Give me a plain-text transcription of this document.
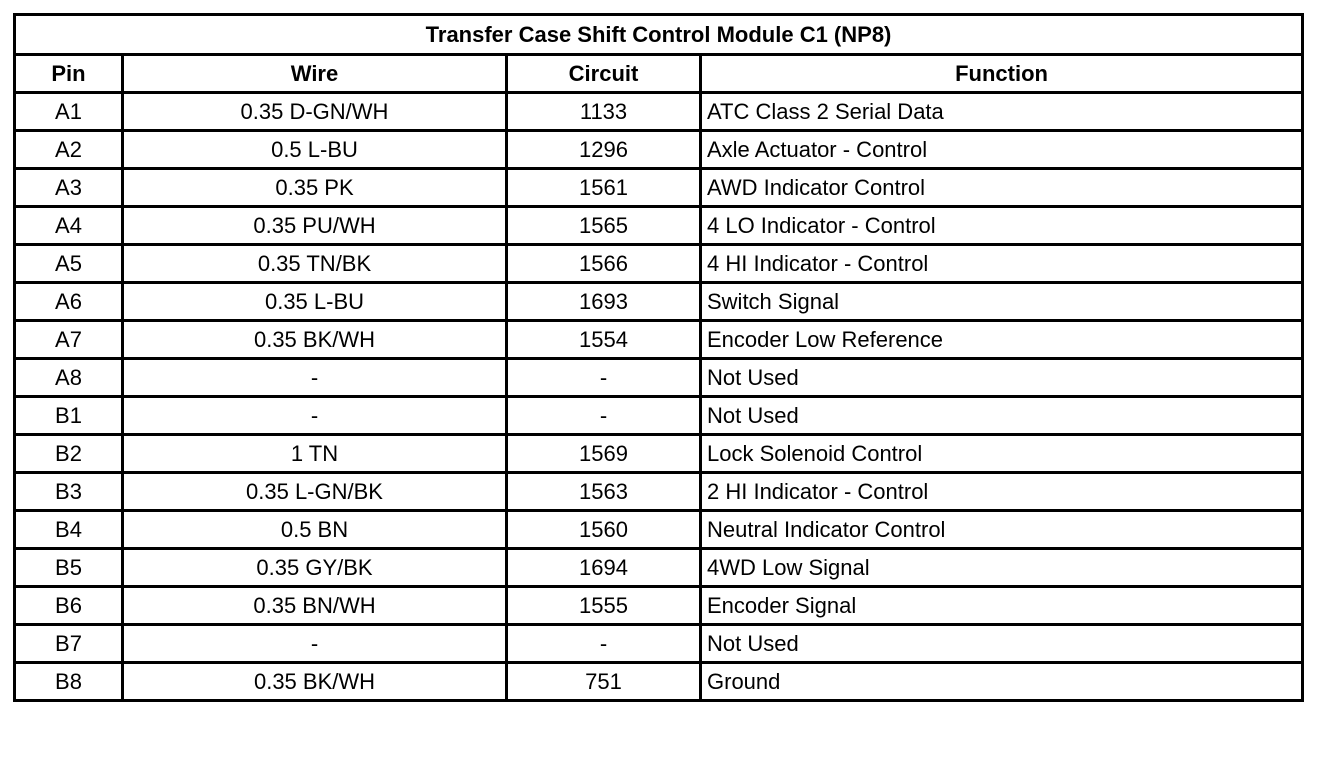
Transfer Case Shift Control Module C1 (NP8)			
Pin	Wire	Circuit	Function
A1	0.35 D-GN/WH	1133	ATC Class 2 Serial Data
A2	0.5 L-BU	1296	Axle Actuator - Control
A3	0.35 PK	1561	AWD Indicator Control
A4	0.35 PU/WH	1565	4 LO Indicator - Control
A5	0.35 TN/BK	1566	4 HI Indicator - Control
A6	0.35 L-BU	1693	Switch Signal
A7	0.35 BK/WH	1554	Encoder Low Reference
A8	-	-	Not Used
B1	-	-	Not Used
B2	1 TN	1569	Lock Solenoid Control
B3	0.35 L-GN/BK	1563	2 HI Indicator - Control
B4	0.5 BN	1560	Neutral Indicator Control
B5	0.35 GY/BK	1694	4WD Low Signal
B6	0.35 BN/WH	1555	Encoder Signal
B7	-	-	Not Used
B8	0.35 BK/WH	751	Ground
